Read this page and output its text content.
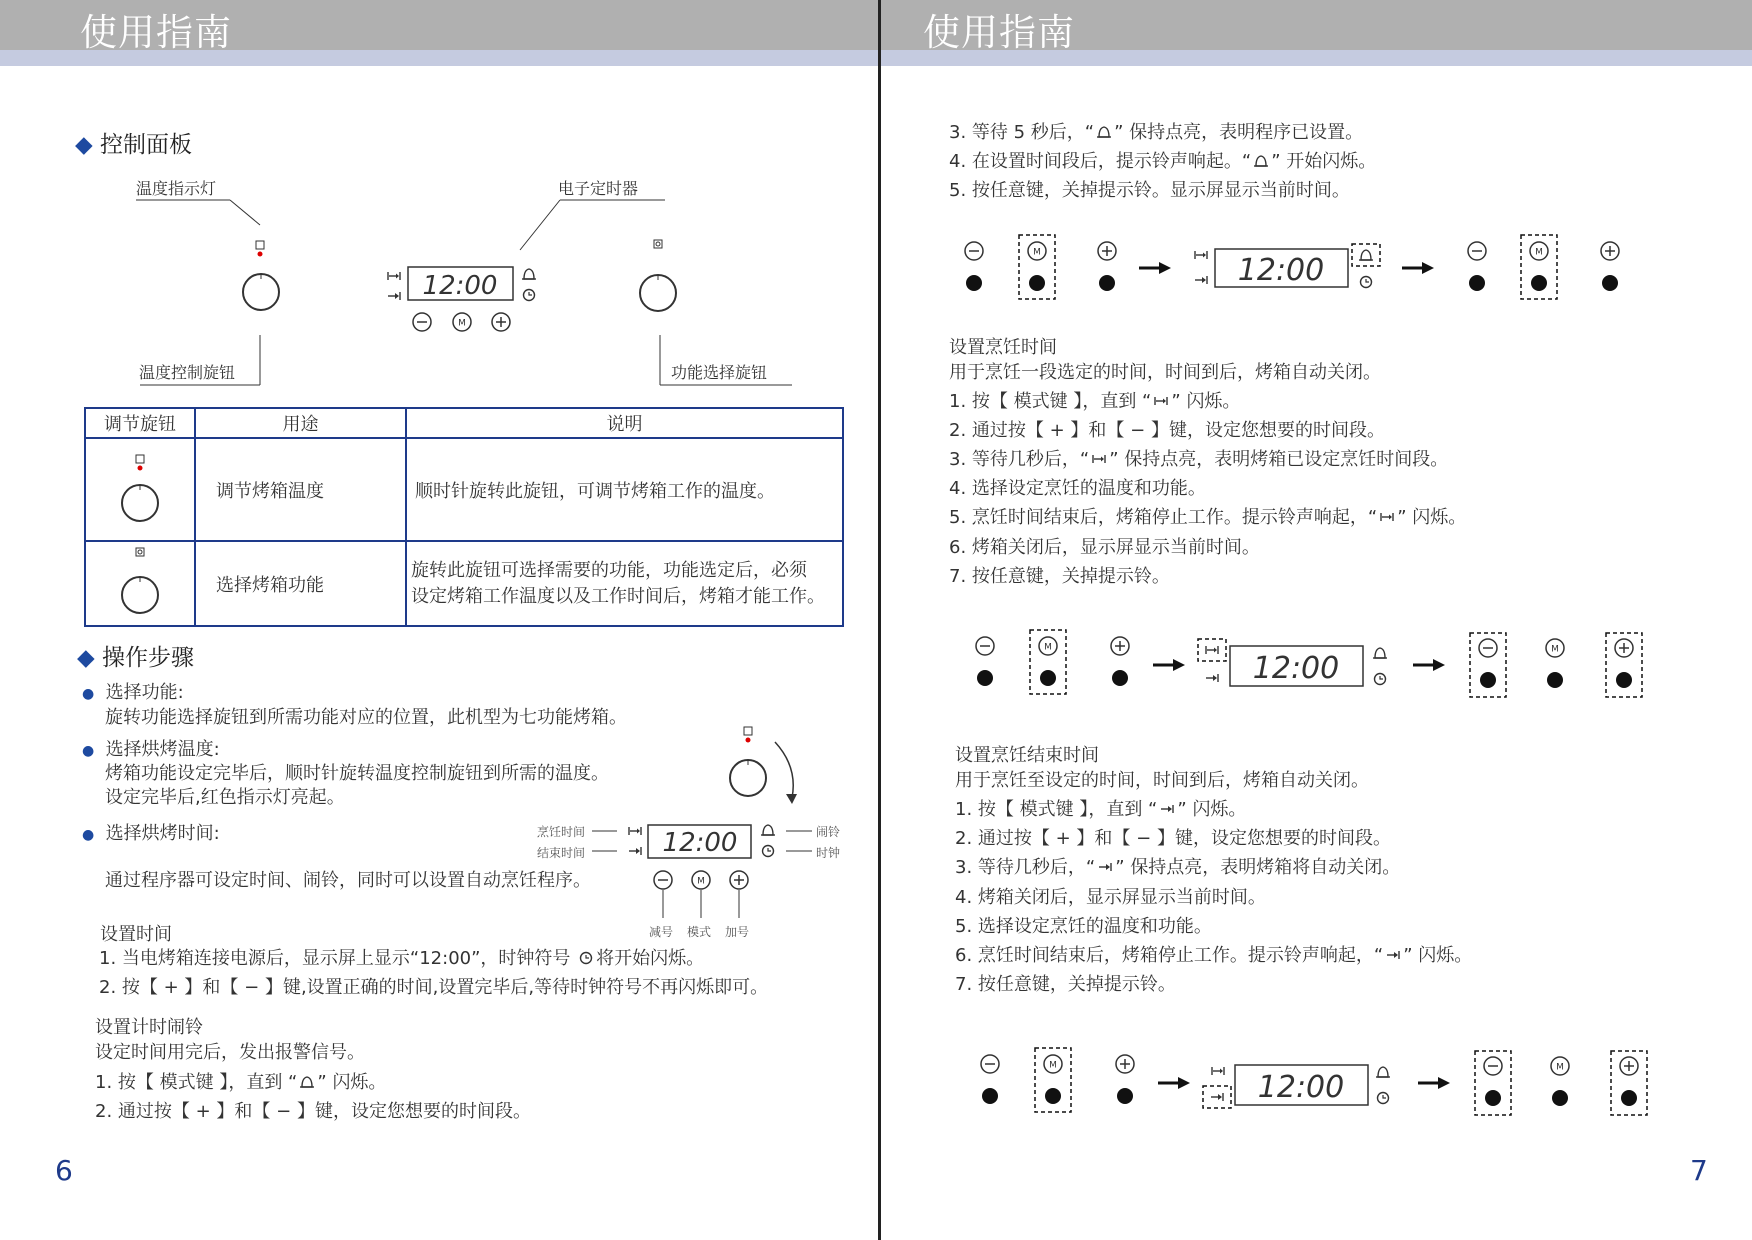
使用指南	使用指南
◆ 控制面板
温度指示灯	电子定时器
温度控制旋钮	功能选择旋钮
12:00
调节旋钮	用途	说明
	调节烤箱温度	顺时针旋转此旋钮，可调节烤箱工作的温度。
	选择烤箱功能	旋转此旋钮可选择需要的功能，功能选定后，必须
设定烤箱工作温度以及工作时间后，烤箱才能工作。
◆ 操作步骤
● 选择功能:
旋转功能选择旋钮到所需功能对应的位置，此机型为七功能烤箱。
● 选择烘烤温度:
烤箱功能设定完毕后，顺时针旋转温度控制旋钮到所需的温度。
设定完毕后,红色指示灯亮起。
● 选择烘烤时间:
通过程序器可设定时间、闹铃，同时可以设置自动烹饪程序。
烹饪时间
结束时间
闹铃
时钟
减号 模式 加号
12:00
设置时间
1. 当电烤箱连接电源后，显示屏上显示“12:00”，时钟符号 将开始闪烁。
2. 按【 + 】和【 − 】键,设置正确的时间,设置完毕后,等待时钟符号不再闪烁即可。
设置计时闹铃
设定时间用完后，发出报警信号。
1. 按【 模式键 】，直到 “ ” 闪烁。
2. 通过按【 + 】和【 − 】键，设定您想要的时间段。
6
3. 等待 5 秒后，“ ” 保持点亮，表明程序已设置。
4. 在设置时间段后，提示铃声响起。“ ” 开始闪烁。
5. 按任意键，关掉提示铃。显示屏显示当前时间。
12:00
设置烹饪时间
用于烹饪一段选定的时间，时间到后，烤箱自动关闭。
1. 按【 模式键 】，直到 “ ” 闪烁。
2. 通过按【 + 】和【 − 】键，设定您想要的时间段。
3. 等待几秒后，“ ” 保持点亮，表明烤箱已设定烹饪时间段。
4. 选择设定烹饪的温度和功能。
5. 烹饪时间结束后，烤箱停止工作。提示铃声响起，“ ” 闪烁。
6. 烤箱关闭后，显示屏显示当前时间。
7. 按任意键，关掉提示铃。
12:00
设置烹饪结束时间
用于烹饪至设定的时间，时间到后，烤箱自动关闭。
1. 按【 模式键 】，直到 “ ” 闪烁。
2. 通过按【 + 】和【 − 】键，设定您想要的时间段。
3. 等待几秒后，“ ” 保持点亮，表明烤箱将自动关闭。
4. 烤箱关闭后，显示屏显示当前时间。
5. 选择设定烹饪的温度和功能。
6. 烹饪时间结束后，烤箱停止工作。提示铃声响起，“ ” 闪烁。
7. 按任意键，关掉提示铃。
12:00
7
